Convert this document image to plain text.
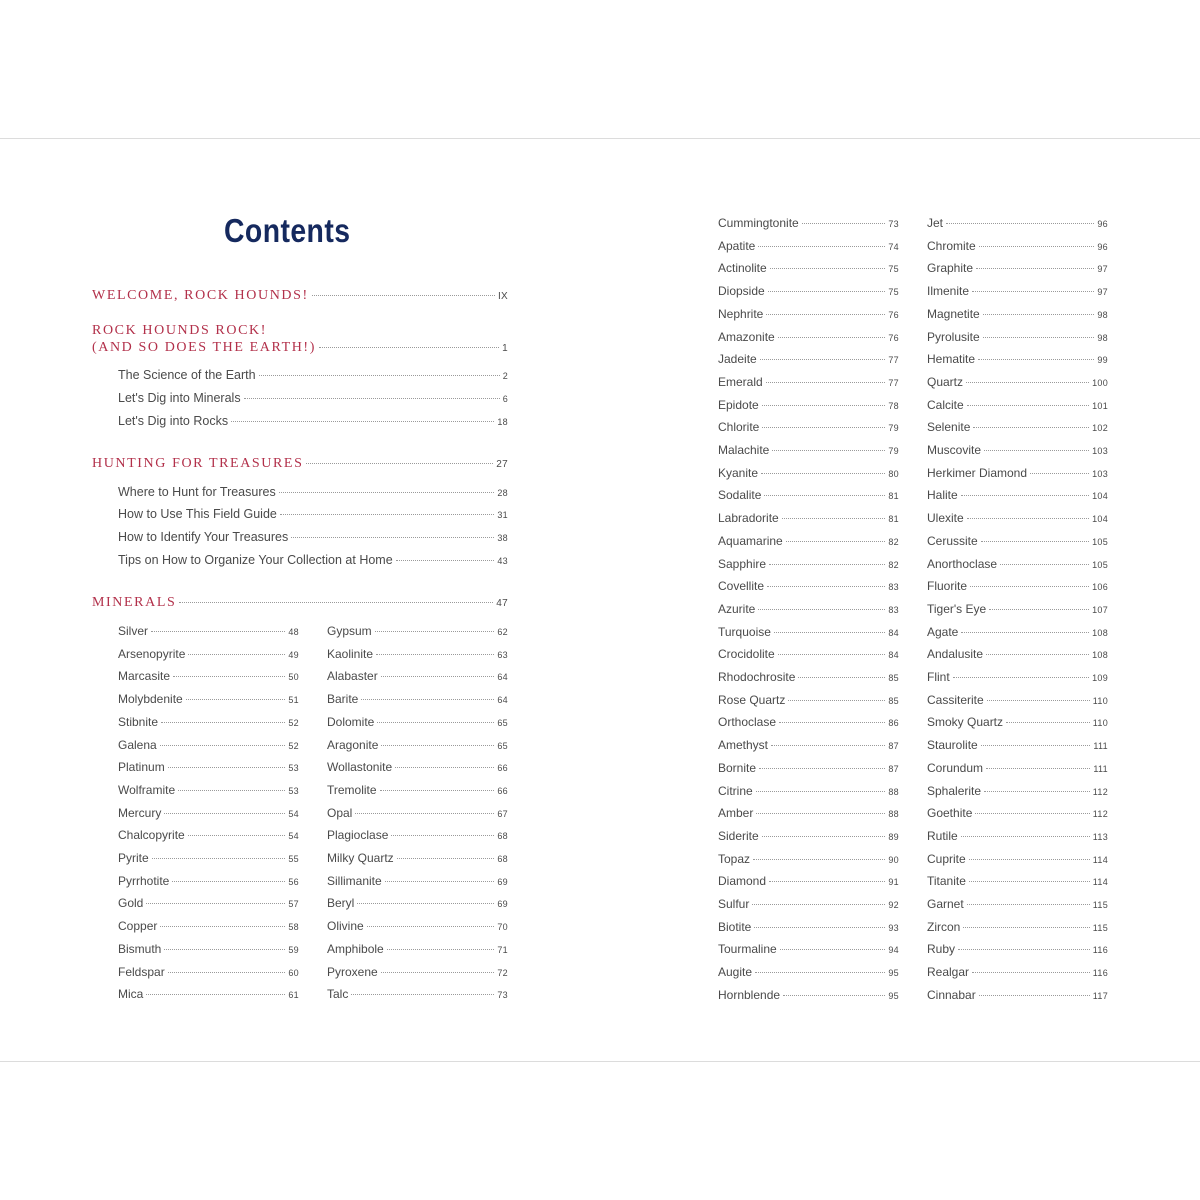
Contents
WELCOME, ROCK HOUNDS!	IX
ROCK HOUNDS ROCK!
(AND SO DOES THE EARTH!)	1
The Science of the Earth	2
Let's Dig into Minerals	6
Let's Dig into Rocks	18
HUNTING FOR TREASURES	27
Where to Hunt for Treasures	28
How to Use This Field Guide	31
How to Identify Your Treasures	38
Tips on How to Organize Your Collection at Home	43
MINERALS	47
Silver	48
Arsenopyrite	49
Marcasite	50
Molybdenite	51
Stibnite	52
Galena	52
Platinum	53
Wolframite	53
Mercury	54
Chalcopyrite	54
Pyrite	55
Pyrrhotite	56
Gold	57
Copper	58
Bismuth	59
Feldspar	60
Mica	61
Gypsum	62
Kaolinite	63
Alabaster	64
Barite	64
Dolomite	65
Aragonite	65
Wollastonite	66
Tremolite	66
Opal	67
Plagioclase	68
Milky Quartz	68
Sillimanite	69
Beryl	69
Olivine	70
Amphibole	71
Pyroxene	72
Talc	73
Cummingtonite	73
Apatite	74
Actinolite	75
Diopside	75
Nephrite	76
Amazonite	76
Jadeite	77
Emerald	77
Epidote	78
Chlorite	79
Malachite	79
Kyanite	80
Sodalite	81
Labradorite	81
Aquamarine	82
Sapphire	82
Covellite	83
Azurite	83
Turquoise	84
Crocidolite	84
Rhodochrosite	85
Rose Quartz	85
Orthoclase	86
Amethyst	87
Bornite	87
Citrine	88
Amber	88
Siderite	89
Topaz	90
Diamond	91
Sulfur	92
Biotite	93
Tourmaline	94
Augite	95
Hornblende	95
Jet	96
Chromite	96
Graphite	97
Ilmenite	97
Magnetite	98
Pyrolusite	98
Hematite	99
Quartz	100
Calcite	101
Selenite	102
Muscovite	103
Herkimer Diamond	103
Halite	104
Ulexite	104
Cerussite	105
Anorthoclase	105
Fluorite	106
Tiger's Eye	107
Agate	108
Andalusite	108
Flint	109
Cassiterite	110
Smoky Quartz	110
Staurolite	111
Corundum	111
Sphalerite	112
Goethite	112
Rutile	113
Cuprite	114
Titanite	114
Garnet	115
Zircon	115
Ruby	116
Realgar	116
Cinnabar	117
